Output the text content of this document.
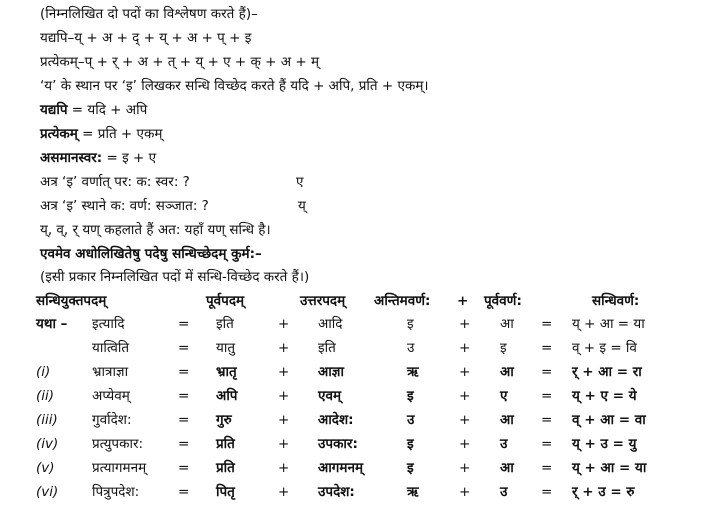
(निम्नलिखित दो पदों का विश्लेषण करते हैं)–
यद्यपि–य् + अ + द् + य् + अ + प् + इ
प्रत्येकम्–प् + र् + अ + त् + य् + ए + क् + अ + म्
‘य’ के स्थान पर ‘इ’ लिखकर सन्धि विच्छेद करते हैं यदि + अपि, प्रति + एकम्।
यद्यपि = यदि + अपि
प्रत्येकम् = प्रति + एकम्
असमानस्वर: = इ + ए
अत्र ‘इ’ वर्णात् पर: क: स्वर: ?	ए
अत्र ‘इ’ स्थाने क: वर्ण: सञ्जात: ?	य्
य्, व्, र् यण् कहलाते हैं अत: यहाँ यण् सन्धि है।
एवमेव अधोलिखितेषु पदेषु सन्धिच्छेदम् कुर्म:–
(इसी प्रकार निम्नलिखित पदों में सन्धि-विच्छेद करते हैं।)
सन्धियुक्तपदम्	पूर्वपदम्	उत्तरपदम् अन्तिमवर्ण: + पूर्ववर्ण:	सन्धिवर्ण:
यथा – इत्यादि	= इति	+ आदि	इ	+ आ = य् + आ = या
यात्विति	= यातु	+ इति	उ	+ इ	= व् + इ = वि
(i)	भ्रात्राज्ञा	= भ्रातृ	+ आज्ञा	ऋ	+ आ = र् + आ = रा
(ii)	अप्येवम्	= अपि	+ एवम्	इ	+ ए = य् + ए = ये
(iii)	गुर्वादेश:	= गुरु	+ आदेश:	उ	+ आ = व् + आ = वा
(iv) प्रत्युपकार:	= प्रति	+ उपकार:	इ	+ उ = य् + उ = यु
(v)	प्रत्यागमनम् = प्रति	+ आगमनम्	इ	+ आ = य् + आ = या
(vi) पित्रुपदेश:	= पितृ	+ उपदेश:	ऋ	+ उ = र् + उ = रु
